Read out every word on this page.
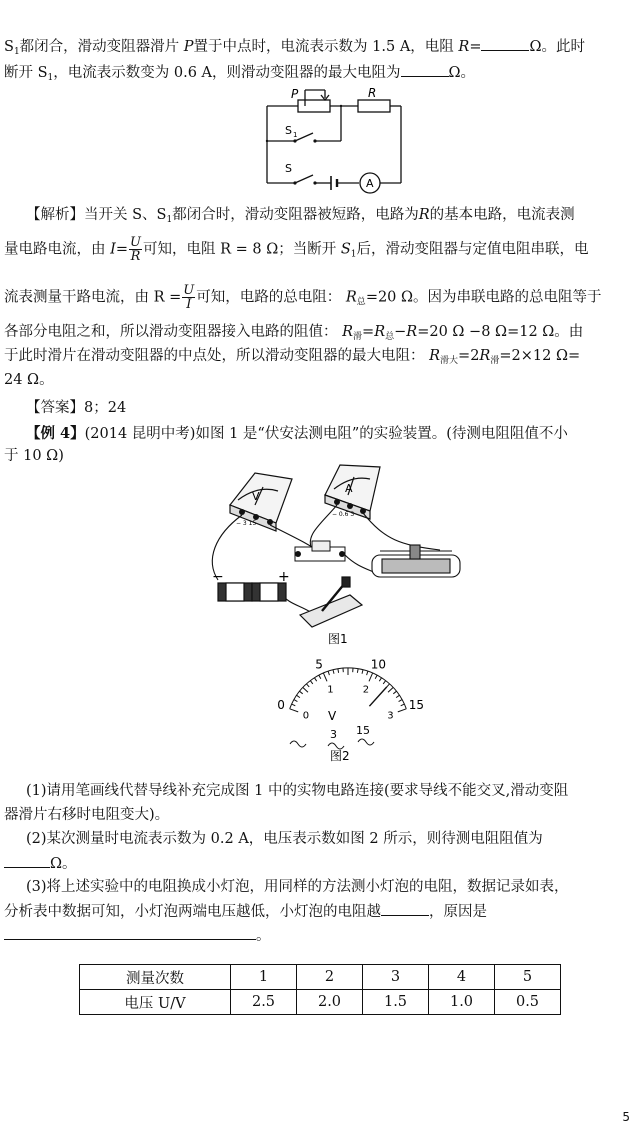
$S_1$都闭合，滑动变阻器滑片 P置于中点时，电流表示数为 1.5 A，电阻 R=	Ω。此时
断开 $S_1$，电流表示数变为 0.6 A，则滑动变阻器的最大电阻为	Ω。
P	R
S 1
S
A
【解析】当开关 S、$S_1$都闭合时，滑动变阻器被短路，电路为R的基本电路，电流表测
量电路电流，由 $I= \frac{U}{R}$ 可知，电阻 R = 8 Ω；当断开 $S_1$后，滑动变阻器与定值电阻串联，电
流表测量干路电流，由 $R = \frac{U}{I}$ 可知，电路的总电阻： $R_总=20$ Ω。因为串联电路的总电阻等于
各部分电阻之和，所以滑动变阻器接入电路的阻值： $R_滑=R_总-R=20$ Ω −8 Ω=12 Ω。由
于此时滑片在滑动变阻器的中点处，所以滑动变阻器的最大电阻： $R_{滑大}=2R_滑=2\times 12$ Ω=
24 Ω。
【答案】8；24
【例 4】(2014 昆明中考)如图 1 是“伏安法测电阻”的实验装置。(待测电阻阻值不小
于 10 Ω)
V
A
− 3 15
− 0.6 3
−	+
图1
0
5	10
15
0
1	2
3
V
3 15
图2
(1)请用笔画线代替导线补充完成图 1 中的实物电路连接(要求导线不能交叉,滑动变阻
器滑片右移时电阻变大)。
(2)某次测量时电流表示数为 0.2 A，电压表示数如图 2 所示，则待测电阻阻值为
Ω。
(3)将上述实验中的电阻换成小灯泡，用同样的方法测小灯泡的电阻，数据记录如表，
分析表中数据可知，小灯泡两端电压越低，小灯泡的电阻越	，原因是
。
测量次数	1	2	3	4	5
电压 U/V	2.5	2.0	1.5	1.0	0.5
5
